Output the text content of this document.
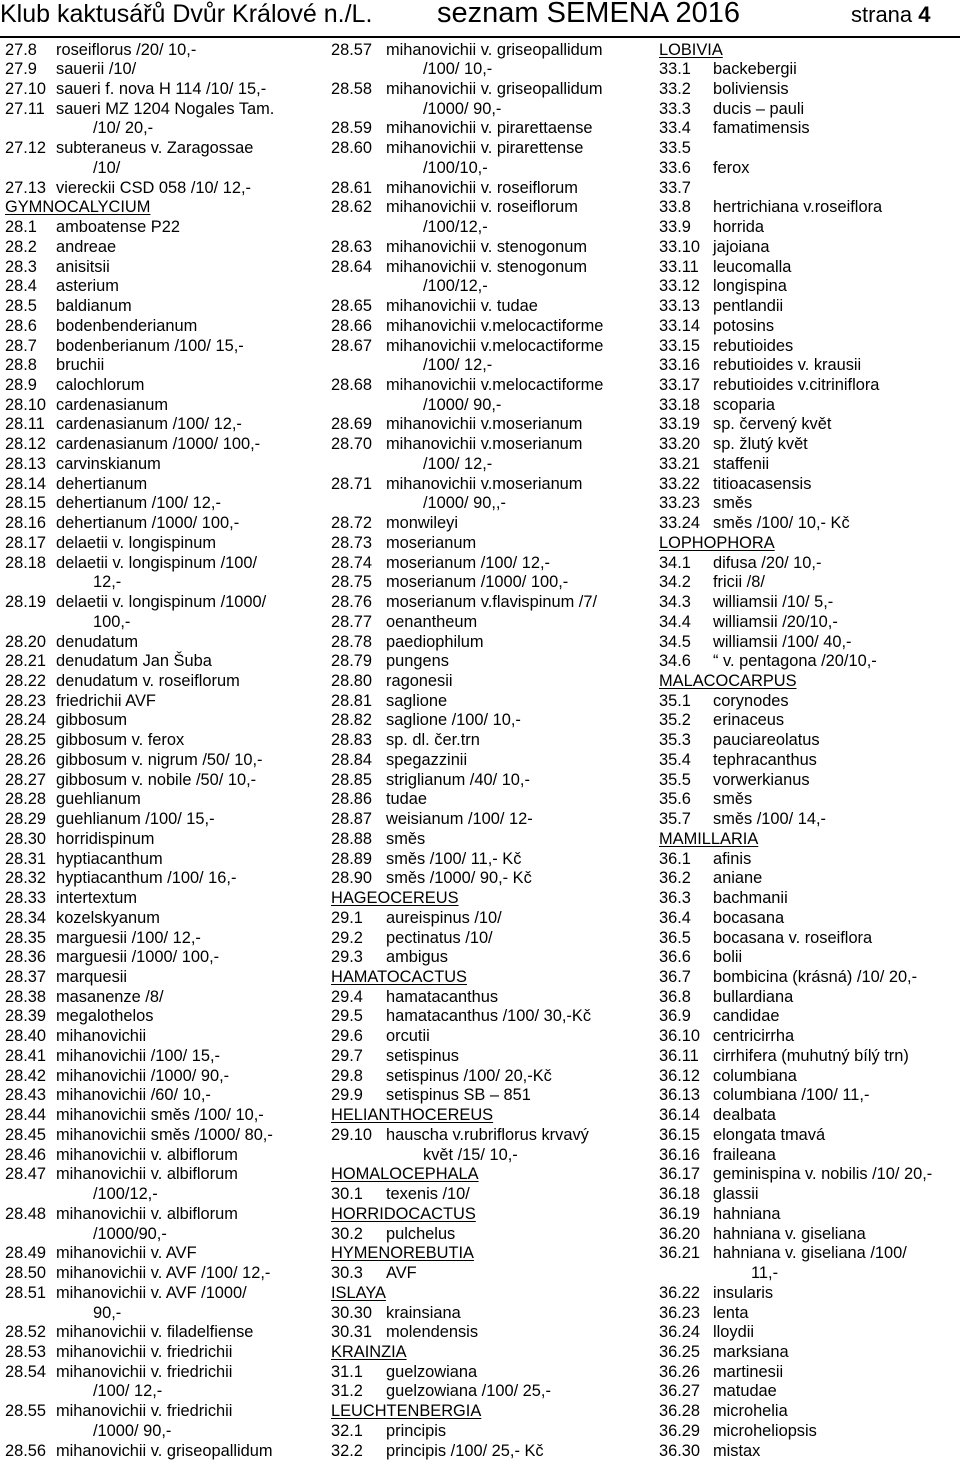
Klub kaktusářů Dvůr Králové n./L. seznam SEMENA 2016	strana 4
27.8 roseiflorus /20/ 10,-
27.9 sauerii /10/
27.10 saueri f. nova H 114 /10/ 15,-
27.11 saueri MZ 1204 Nogales Tam.
/10/ 20,-
27.12 subteraneus v. Zaragossae
/10/
27.13 viereckii CSD 058 /10/ 12,-
GYMNOCALYCIUM
28.1 amboatense P22
28.2 andreae
28.3 anisitsii
28.4 asterium
28.5 baldianum
28.6 bodenbenderianum
28.7 bodenberianum /100/ 15,-
28.8 bruchii
28.9 calochlorum
28.10 cardenasianum
28.11 cardenasianum /100/ 12,-
28.12 cardenasianum /1000/ 100,-
28.13 carvinskianum
28.14 dehertianum
28.15 dehertianum /100/ 12,-
28.16 dehertianum /1000/ 100,-
28.17 delaetii v. longispinum
28.18 delaetii v. longispinum /100/
12,-
28.19 delaetii v. longispinum /1000/
100,-
28.20 denudatum
28.21 denudatum Jan Šuba
28.22 denudatum v. roseiflorum
28.23 friedrichii AVF
28.24 gibbosum
28.25 gibbosum v. ferox
28.26 gibbosum v. nigrum /50/ 10,-
28.27 gibbosum v. nobile /50/ 10,-
28.28 guehlianum
28.29 guehlianum /100/ 15,-
28.30 horridispinum
28.31 hyptiacanthum
28.32 hyptiacanthum /100/ 16,-
28.33 intertextum
28.34 kozelskyanum
28.35 marguesii /100/ 12,-
28.36 marguesii /1000/ 100,-
28.37 marquesii
28.38 masanenze /8/
28.39 megalothelos
28.40 mihanovichii
28.41 mihanovichii /100/ 15,-
28.42 mihanovichii /1000/ 90,-
28.43 mihanovichii /60/ 10,-
28.44 mihanovichii směs /100/ 10,-
28.45 mihanovichii směs /1000/ 80,-
28.46 mihanovichii v. albiflorum
28.47 mihanovichii v. albiflorum
/100/12,-
28.48 mihanovichii v. albiflorum
/1000/90,-
28.49 mihanovichii v. AVF
28.50 mihanovichii v. AVF /100/ 12,-
28.51 mihanovichii v. AVF /1000/
90,-
28.52 mihanovichii v. filadelfiense
28.53 mihanovichii v. friedrichii
28.54 mihanovichii v. friedrichii
/100/ 12,-
28.55 mihanovichii v. friedrichii
/1000/ 90,-
28.56 mihanovichii v. griseopallidum
28.57 mihanovichii v. griseopallidum
/100/ 10,-
28.58 mihanovichii v. griseopallidum
/1000/ 90,-
28.59 mihanovichii v. pirarettaense
28.60 mihanovichii v. pirarettense
/100/10,-
28.61 mihanovichii v. roseiflorum
28.62 mihanovichii v. roseiflorum
/100/12,-
28.63 mihanovichii v. stenogonum
28.64 mihanovichii v. stenogonum
/100/12,-
28.65 mihanovichii v. tudae
28.66 mihanovichii v.melocactiforme
28.67 mihanovichii v.melocactiforme
/100/ 12,-
28.68 mihanovichii v.melocactiforme
/1000/ 90,-
28.69 mihanovichii v.moserianum
28.70 mihanovichii v.moserianum
/100/ 12,-
28.71 mihanovichii v.moserianum
/1000/ 90,,-
28.72 monwileyi
28.73 moserianum
28.74 moserianum /100/ 12,-
28.75 moserianum /1000/ 100,-
28.76 moserianum v.flavispinum /7/
28.77 oenantheum
28.78 paediophilum
28.79 pungens
28.80 ragonesii
28.81 saglione
28.82 saglione /100/ 10,-
28.83 sp. dl. čer.trn
28.84 spegazzinii
28.85 striglianum /40/ 10,-
28.86 tudae
28.87 weisianum /100/ 12-
28.88 směs
28.89 směs /100/ 11,- Kč
28.90 směs /1000/ 90,- Kč
HAGEOCEREUS
29.1 aureispinus /10/
29.2 pectinatus /10/
29.3 ambigus
HAMATOCACTUS
29.4 hamatacanthus
29.5 hamatacanthus /100/ 30,-Kč
29.6 orcutii
29.7 setispinus
29.8 setispinus /100/ 20,-Kč
29.9 setispinus SB – 851
HELIANTHOCEREUS
29.10 hauscha v.rubriflorus krvavý
květ /15/ 10,-
HOMALOCEPHALA
30.1 texenis /10/
HORRIDOCACTUS
30.2 pulchelus
HYMENOREBUTIA
30.3 AVF
ISLAYA
30.30 krainsiana
30.31 molendensis
KRAINZIA
31.1 guelzowiana
31.2 guelzowiana /100/ 25,-
LEUCHTENBERGIA
32.1 principis
32.2 principis /100/ 25,- Kč
LOBIVIA
33.1 backebergii
33.2 boliviensis
33.3 ducis – pauli
33.4 famatimensis
33.5
33.6 ferox
33.7
33.8 hertrichiana v.roseiflora
33.9 horrida
33.10 jajoiana
33.11 leucomalla
33.12 longispina
33.13 pentlandii
33.14 potosins
33.15 rebutioides
33.16 rebutioides v. krausii
33.17 rebutioides v.citriniflora
33.18 scoparia
33.19 sp. červený květ
33.20 sp. žlutý květ
33.21 staffenii
33.22 titioacasensis
33.23 směs
33.24 směs /100/ 10,- Kč
LOPHOPHORA
34.1 difusa /20/ 10,-
34.2 fricii /8/
34.3 williamsii /10/ 5,-
34.4 williamsii /20/10,-
34.5 williamsii /100/ 40,-
34.6 “ v. pentagona /20/10,-
MALACOCARPUS
35.1 corynodes
35.2 erinaceus
35.3 pauciareolatus
35.4 tephracanthus
35.5 vorwerkianus
35.6 směs
35.7 směs /100/ 14,-
MAMILLARIA
36.1 afinis
36.2 aniane
36.3 bachmanii
36.4 bocasana
36.5 bocasana v. roseiflora
36.6 bolii
36.7 bombicina (krásná) /10/ 20,-
36.8 bullardiana
36.9 candidae
36.10 centricirrha
36.11 cirrhifera (muhutný bílý trn)
36.12 columbiana
36.13 columbiana /100/ 11,-
36.14 dealbata
36.15 elongata tmavá
36.16 fraileana
36.17 geminispina v. nobilis /10/ 20,-
36.18 glassii
36.19 hahniana
36.20 hahniana v. giseliana
36.21 hahniana v. giseliana /100/
11,-
36.22 insularis
36.23 lenta
36.24 lloydii
36.25 marksiana
36.26 martinesii
36.27 matudae
36.28 microhelia
36.29 microheliopsis
36.30 mistax
